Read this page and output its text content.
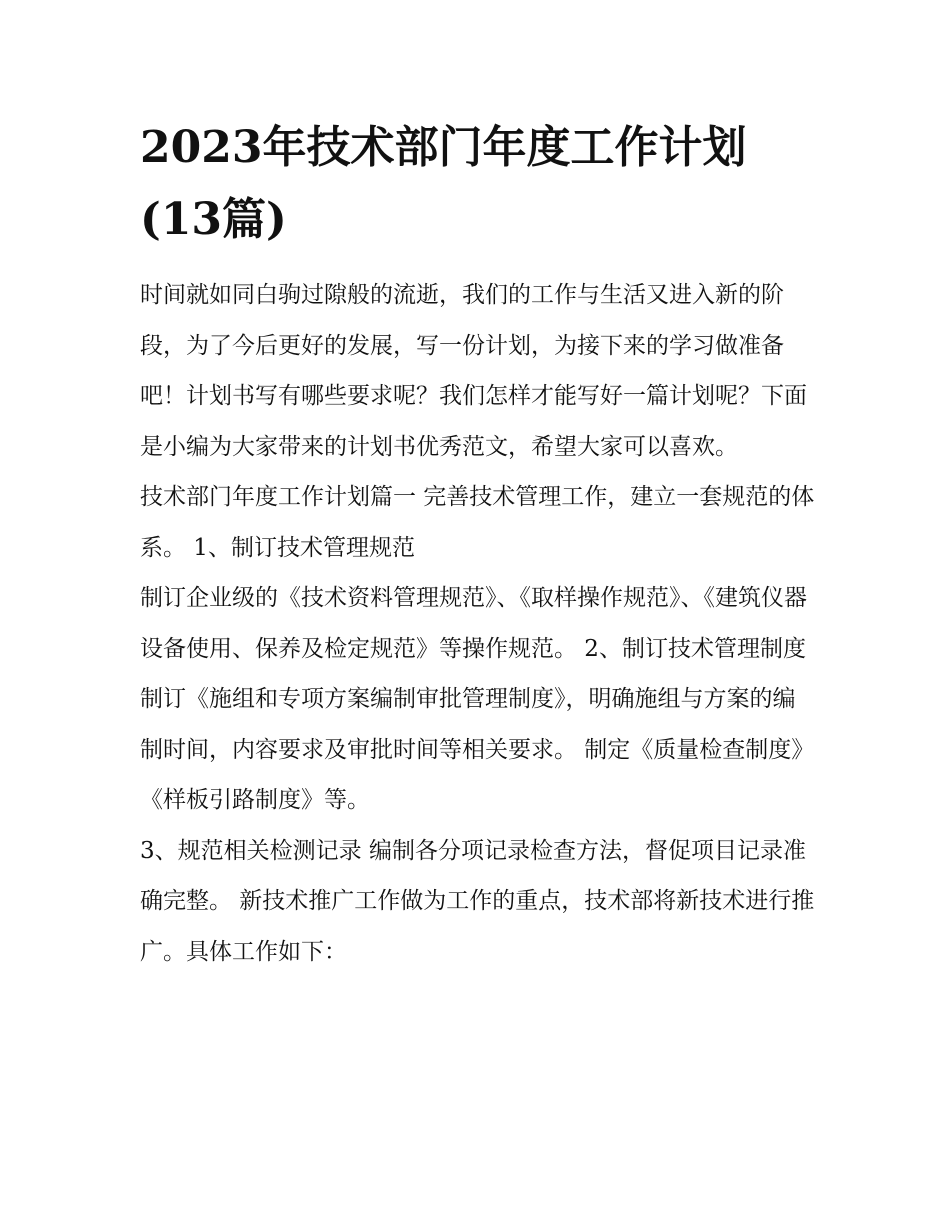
2023年技术部门年度工作计划(13篇)

时间就如同白驹过隙般的流逝，我们的工作与生活又进入新的阶段，为了今后更好的发展，写一份计划，为接下来的学习做准备吧！计划书写有哪些要求呢？我们怎样才能写好一篇计划呢？下面是小编为大家带来的计划书优秀范文，希望大家可以喜欢。

技术部门年度工作计划篇一 完善技术管理工作，建立一套规范的体系。 1、制订技术管理规范

制订企业级的《技术资料管理规范》、《取样操作规范》、《建筑仪器设备使用、保养及检定规范》等操作规范。 2、制订技术管理制度

制订《施组和专项方案编制审批管理制度》，明确施组与方案的编制时间，内容要求及审批时间等相关要求。 制定《质量检查制度》《样板引路制度》等。

3、规范相关检测记录 编制各分项记录检查方法，督促项目记录准确完整。 新技术推广工作做为工作的重点，技术部将新技术进行推广。具体工作如下：
